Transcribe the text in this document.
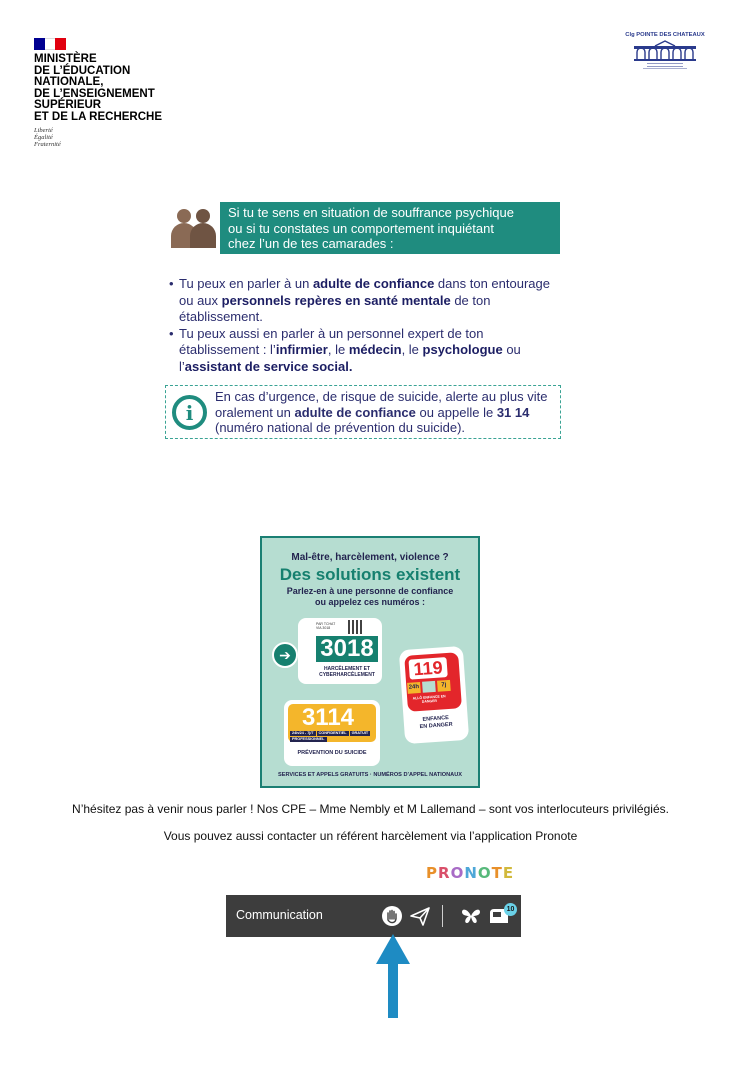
MINISTÈRE
DE L’ÉDUCATION
NATIONALE,
DE L’ENSEIGNEMENT
SUPÉRIEUR
ET DE LA RECHERCHE
Liberté
Égalité
Fraternité
Clg POINTE DES CHATEAUX
Si tu te sens en situation de souffrance psychique
ou si tu constates un comportement inquiétant
chez l’un de tes camarades :
• Tu peux en parler à un adulte de confiance dans ton entourage ou aux personnels repères en santé mentale de ton établissement.
• Tu peux aussi en parler à un personnel expert de ton établissement : l’infirmier, le médecin, le psychologue ou l’assistant de service social.
i
En cas d’urgence, de risque de suicide, alerte au plus vite oralement un adulte de confiance ou appelle le 31 14 (numéro national de prévention du suicide).
Mal-être, harcèlement, violence ?
Des solutions existent
Parlez-en à une personne de confiance
ou appelez ces numéros :
PAR TCHAT
VIA 3018
3018
HARCÈLEMENT ET
CYBERHARCÈLEMENT
➔
119
24h	7j
ALLÔ ENFANCE EN DANGER
ENFANCE
EN DANGER
3114
24h/24 - 7j/7 CONFIDENTIEL GRATUITPROFESSIONNEL
PRÉVENTION DU SUICIDE
SERVICES ET APPELS GRATUITS · NUMÉROS D’APPEL NATIONAUX
N’hésitez pas à venir nous parler ! Nos CPE – Mme Nembly et M Lallemand – sont vos interlocuteurs privilégiés.
Vous pouvez aussi contacter un référent harcèlement via l’application Pronote
PRONOTE
Communication	10
